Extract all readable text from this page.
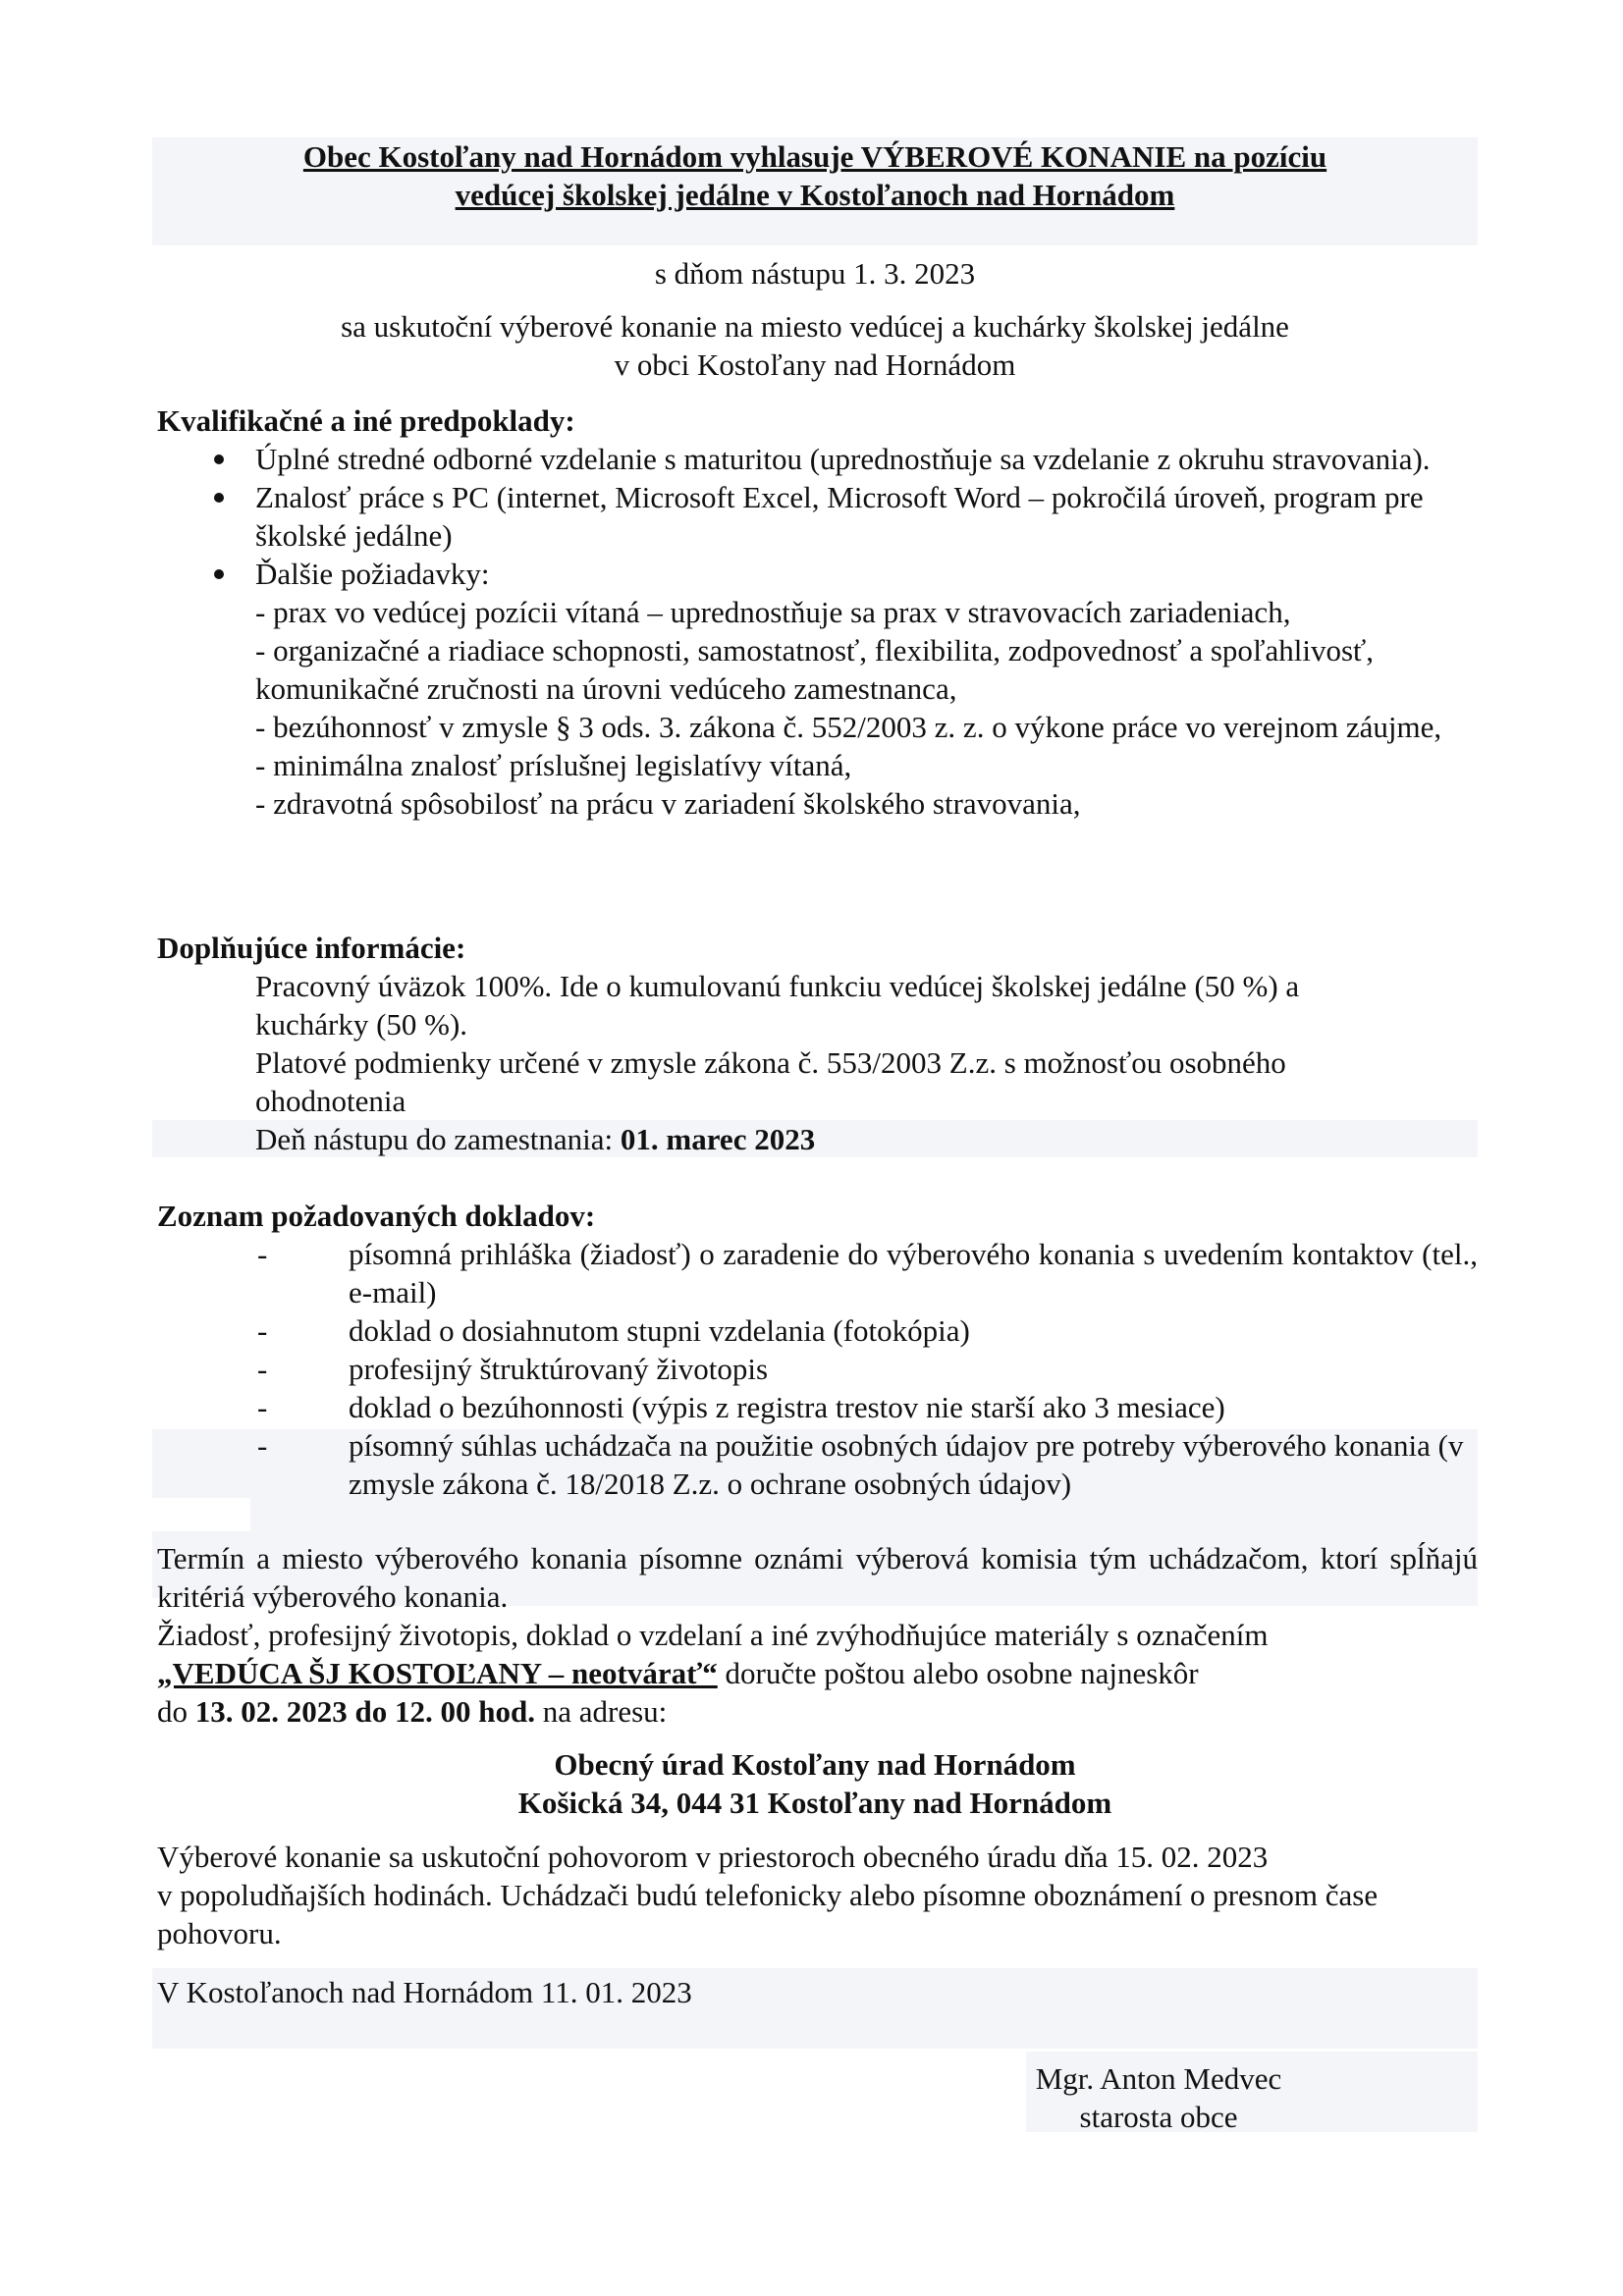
Obec Kostoľany nad Hornádom vyhlasuje VÝBEROVÉ KONANIE na pozíciu
vedúcej školskej jedálne v Kostoľanoch nad Hornádom
s dňom nástupu 1. 3. 2023
sa uskutoční výberové konanie na miesto vedúcej a kuchárky školskej jedálne
v obci Kostoľany nad Hornádom
Kvalifikačné a iné predpoklady:
Úplné stredné odborné vzdelanie s maturitou (uprednostňuje sa vzdelanie z okruhu stravovania).
Znalosť práce s PC (internet, Microsoft Excel, Microsoft Word – pokročilá úroveň, program pre školské jedálne)
Ďalšie požiadavky:
- prax vo vedúcej pozícii vítaná – uprednostňuje sa prax v stravovacích zariadeniach,
- organizačné a riadiace schopnosti, samostatnosť, flexibilita, zodpovednosť a spoľahlivosť, komunikačné zručnosti na úrovni vedúceho zamestnanca,
- bezúhonnosť v zmysle § 3 ods. 3. zákona č. 552/2003 z. z. o výkone práce vo verejnom záujme,
- minimálna znalosť príslušnej legislatívy vítaná,
- zdravotná spôsobilosť na prácu v zariadení školského stravovania,
Doplňujúce informácie:
Pracovný úväzok 100%. Ide o kumulovanú funkciu vedúcej školskej jedálne (50 %) a kuchárky (50 %).
Platové podmienky určené v zmysle zákona č. 553/2003 Z.z. s možnosťou osobného ohodnotenia
Deň nástupu do zamestnania: 01. marec 2023
Zoznam požadovaných dokladov:
-	písomná prihláška (žiadosť) o zaradenie do výberového konania s uvedením kontaktov (tel., e-mail)
-	doklad o dosiahnutom stupni vzdelania (fotokópia)
-	profesijný štruktúrovaný životopis
-	doklad o bezúhonnosti (výpis z registra trestov nie starší ako 3 mesiace)
-	písomný súhlas uchádzača na použitie osobných údajov pre potreby výberového konania (v zmysle zákona č. 18/2018 Z.z. o ochrane osobných údajov)
Termín a miesto výberového konania písomne oznámi výberová komisia tým uchádzačom, ktorí spĺňajú kritériá výberového konania.
Žiadosť, profesijný životopis, doklad o vzdelaní a iné zvýhodňujúce materiály s označením
„VEDÚCA ŠJ KOSTOĽANY – neotvárať“ doručte poštou alebo osobne najneskôr
do 13. 02. 2023 do 12. 00 hod. na adresu:
Obecný úrad Kostoľany nad Hornádom
Košická 34, 044 31 Kostoľany nad Hornádom
Výberové konanie sa uskutoční pohovorom v priestoroch obecného úradu dňa 15. 02. 2023
v popoludňajších hodinách. Uchádzači budú telefonicky alebo písomne oboznámení o presnom čase
pohovoru.
V Kostoľanoch nad Hornádom 11. 01. 2023
Mgr. Anton Medvec
starosta obce
